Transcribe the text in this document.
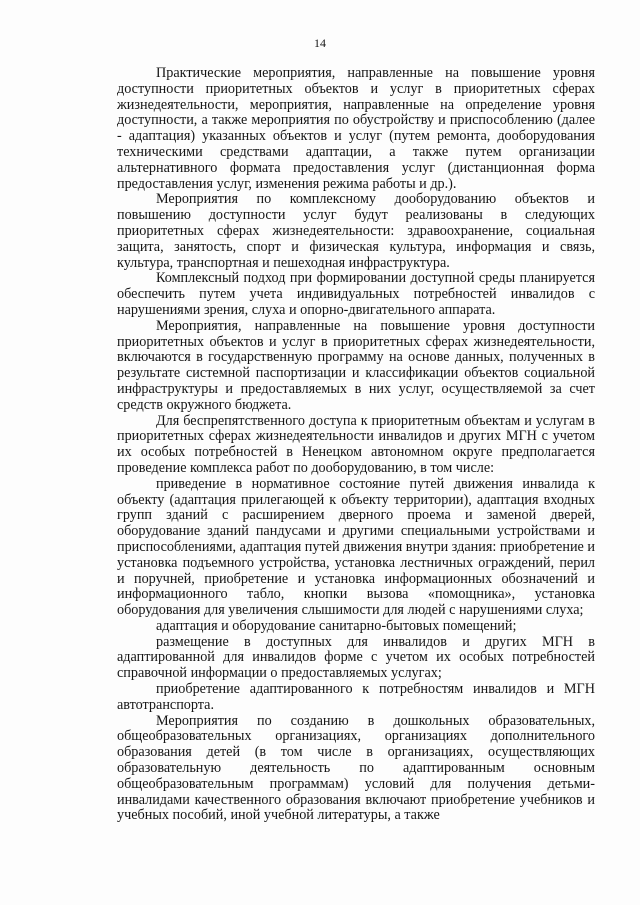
14

Практические мероприятия, направленные на повышение уровня доступности приоритетных объектов и услуг в приоритетных сферах жизнедеятельности, мероприятия, направленные на определение уровня доступности, а также мероприятия по обустройству и приспособлению (далее - адаптация) указанных объектов и услуг (путем ремонта, дооборудования техническими средствами адаптации, а также путем организации альтернативного формата предоставления услуг (дистанционная форма предоставления услуг, изменения режима работы и др.).

Мероприятия по комплексному дооборудованию объектов и повышению доступности услуг будут реализованы в следующих приоритетных сферах жизнедеятельности: здравоохранение, социальная защита, занятость, спорт и физическая культура, информация и связь, культура, транспортная и пешеходная инфраструктура.

Комплексный подход при формировании доступной среды планируется обеспечить путем учета индивидуальных потребностей инвалидов с нарушениями зрения, слуха и опорно-двигательного аппарата.

Мероприятия, направленные на повышение уровня доступности приоритетных объектов и услуг в приоритетных сферах жизнедеятельности, включаются в государственную программу на основе данных, полученных в результате системной паспортизации и классификации объектов социальной инфраструктуры и предоставляемых в них услуг, осуществляемой за счет средств окружного бюджета.

Для беспрепятственного доступа к приоритетным объектам и услугам в приоритетных сферах жизнедеятельности инвалидов и других МГН с учетом их особых потребностей в Ненецком автономном округе предполагается проведение комплекса работ по дооборудованию, в том числе:

приведение в нормативное состояние путей движения инвалида к объекту (адаптация прилегающей к объекту территории), адаптация входных групп зданий с расширением дверного проема и заменой дверей, оборудование зданий пандусами и другими специальными устройствами и приспособлениями, адаптация путей движения внутри здания: приобретение и установка подъемного устройства, установка лестничных ограждений, перил и поручней, приобретение и установка информационных обозначений и информационного табло, кнопки вызова «помощника», установка оборудования для увеличения слышимости для людей с нарушениями слуха;

адаптация и оборудование санитарно-бытовых помещений;

размещение в доступных для инвалидов и других МГН в адаптированной для инвалидов форме с учетом их особых потребностей справочной информации о предоставляемых услугах;

приобретение адаптированного к потребностям инвалидов и МГН автотранспорта.

Мероприятия по созданию в дошкольных образовательных, общеобразовательных организациях, организациях дополнительного образования детей (в том числе в организациях, осуществляющих образовательную деятельность по адаптированным основным общеобразовательным программам) условий для получения детьми-инвалидами качественного образования включают приобретение учебников и учебных пособий, иной учебной литературы, а также
